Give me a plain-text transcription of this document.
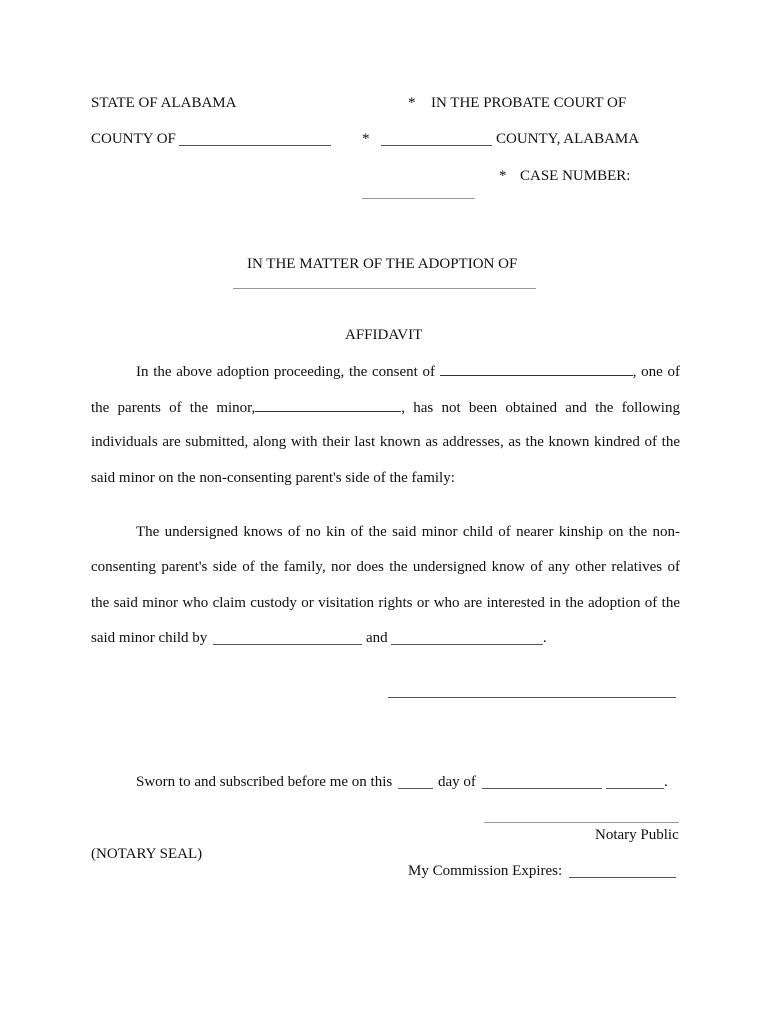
STATE OF ALABAMA	* IN THE PROBATE COURT OF
COUNTY OF	*	COUNTY, ALABAMA
* CASE NUMBER:
IN THE MATTER OF THE ADOPTION OF
AFFIDAVIT
In the above adoption proceeding, the consent of	, one of
the parents of the minor,	, has not been obtained and the following
individuals are submitted, along with their last known as addresses, as the known kindred of the
said minor on the non-consenting parent's side of the family:
The undersigned knows of no kin of the said minor child of nearer kinship on the non-
consenting parent's side of the family, nor does the undersigned know of any other relatives of
the said minor who claim custody or visitation rights or who are interested in the adoption of the
said minor child by	and	.
Sworn to and subscribed before me on this	day of	.
Notary Public
(NOTARY SEAL)
My Commission Expires:
